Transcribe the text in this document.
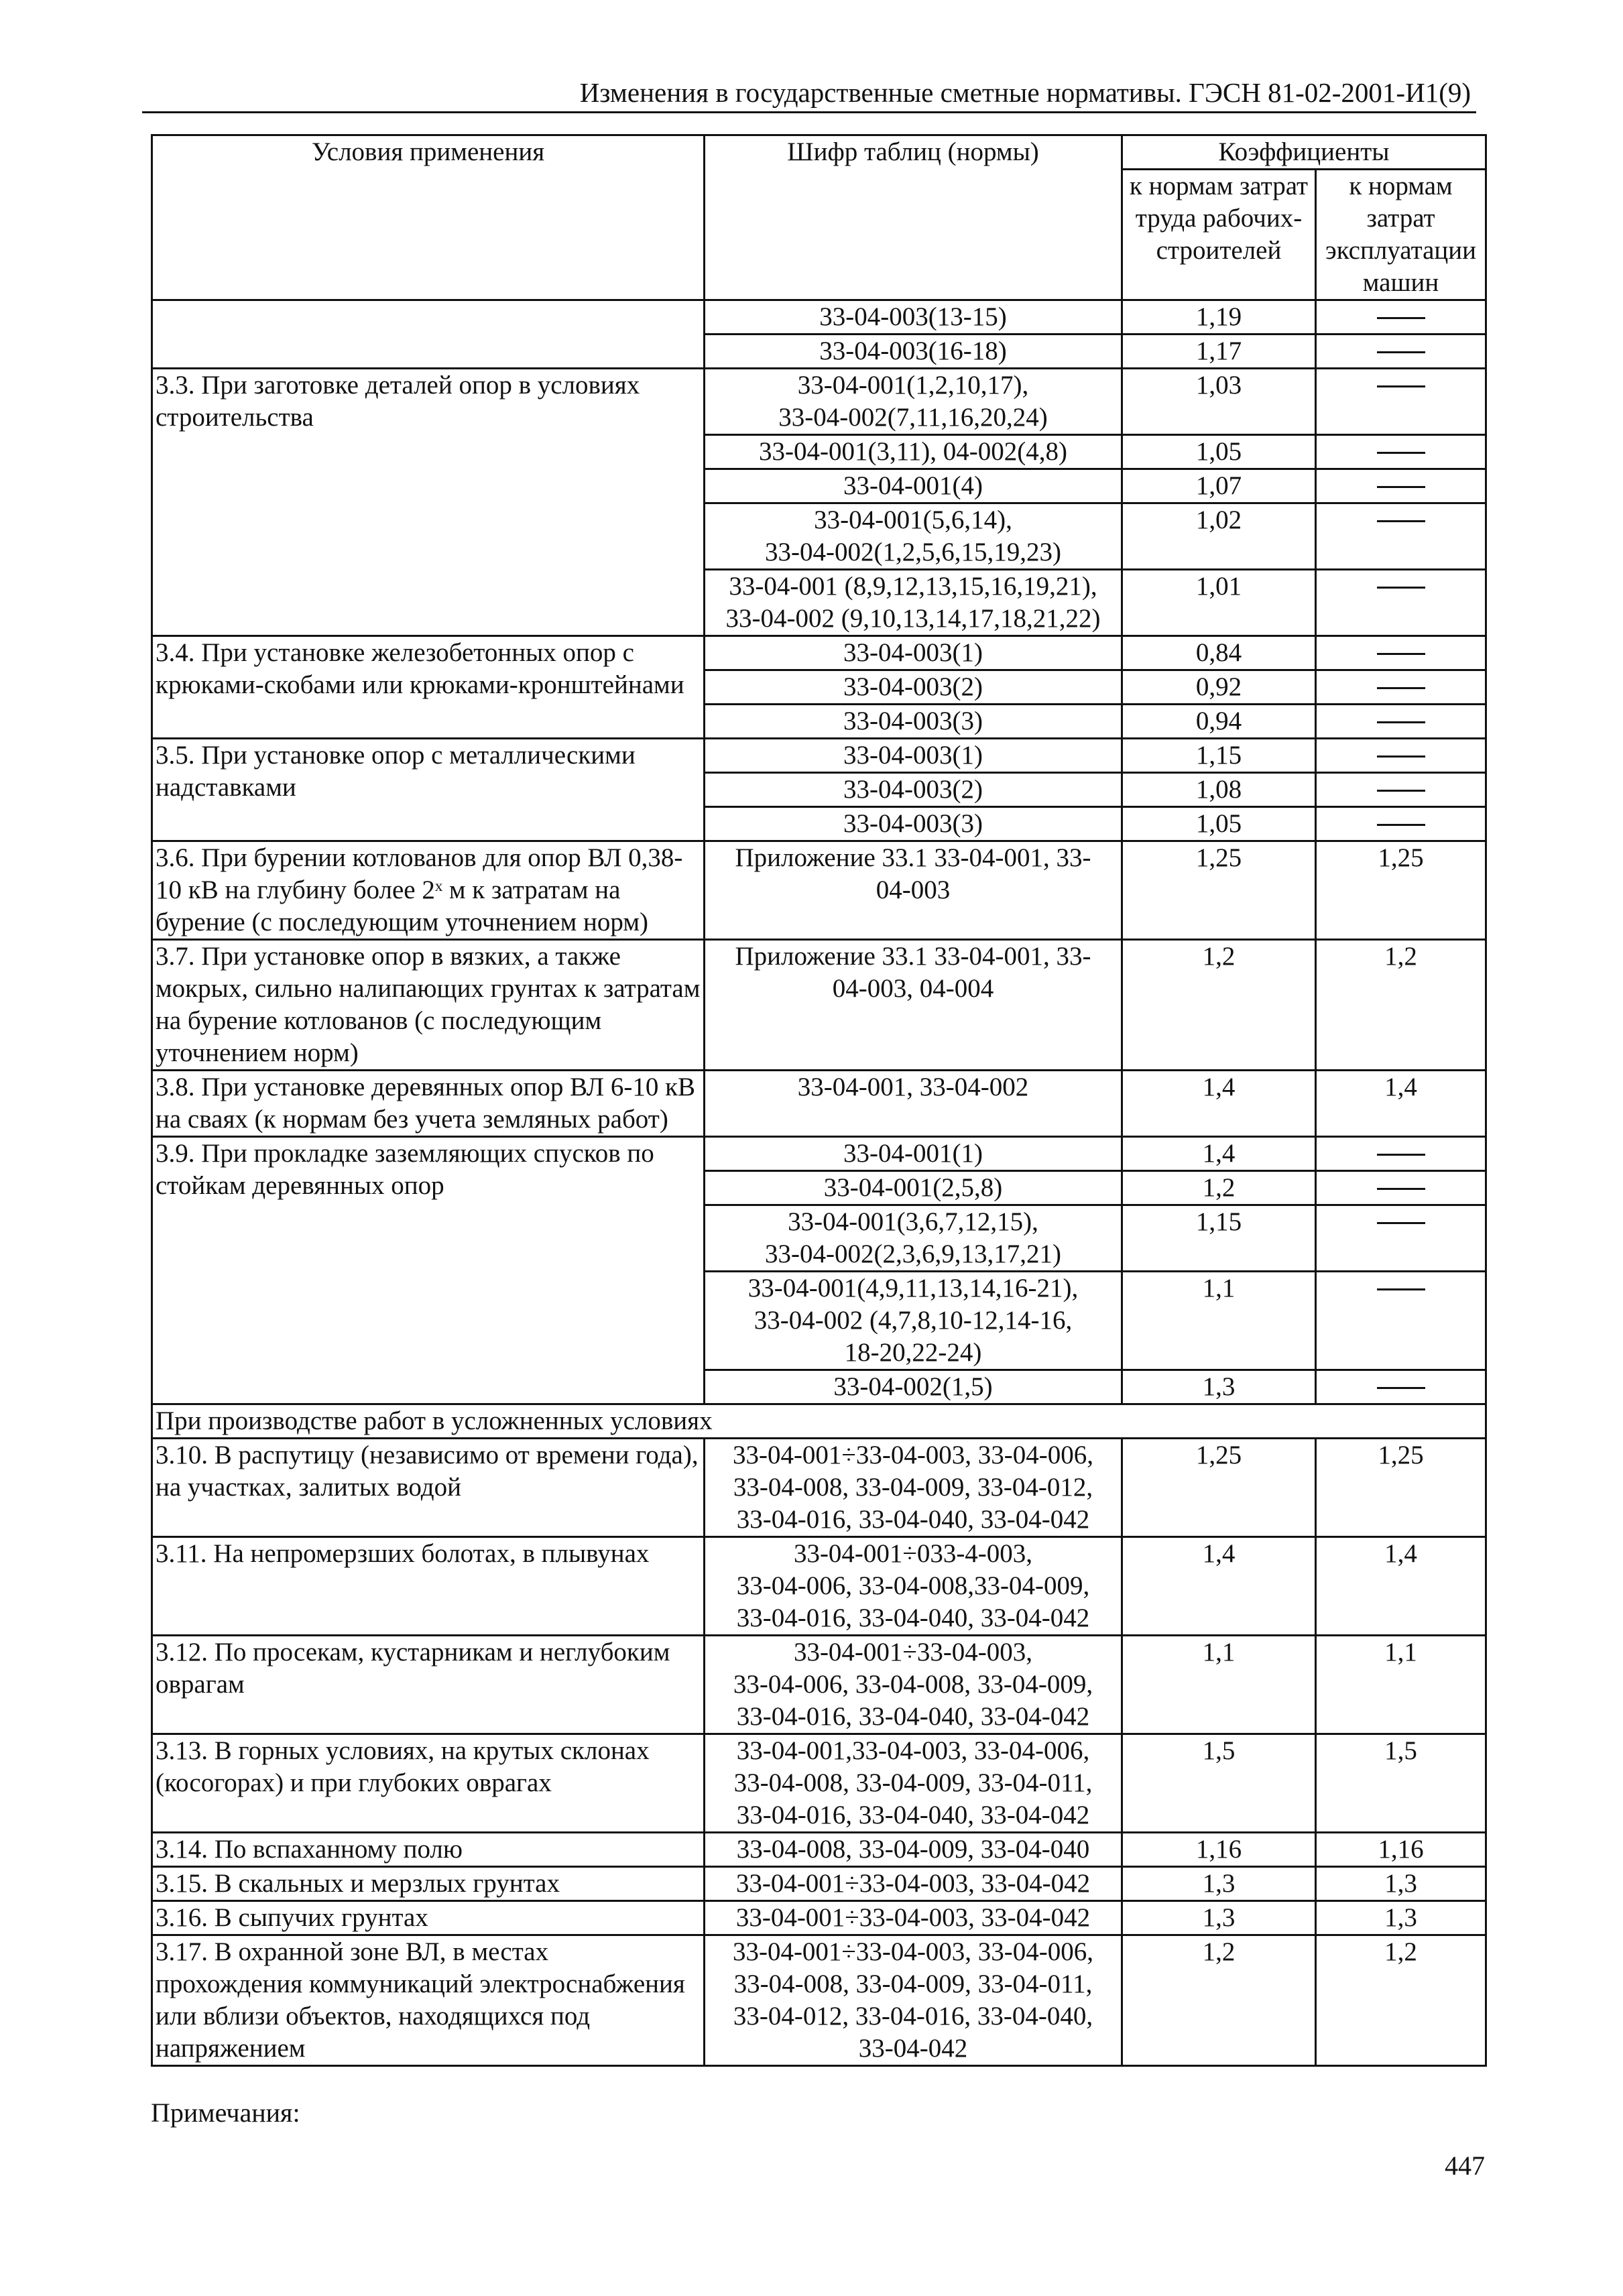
Изменения в государственные сметные нормативы. ГЭСН 81-02-2001-И1(9)
Условия применения	Шифр таблиц (нормы)	Коэффициенты	
		к нормам затрат труда рабочих-строителей	к нормам затрат эксплуатации машин
	33-04-003(13-15)	1,19	
	33-04-003(16-18)	1,17	
3.3. При заготовке деталей опор в условиях строительства	33-04-001(1,2,10,17),
33-04-002(7,11,16,20,24)	1,03	
	33-04-001(3,11), 04-002(4,8)	1,05	
	33-04-001(4)	1,07	
	33-04-001(5,6,14),
33-04-002(1,2,5,6,15,19,23)	1,02	
	33-04-001 (8,9,12,13,15,16,19,21),
33-04-002 (9,10,13,14,17,18,21,22)	1,01	
3.4. При установке железобетонных опор с крюками-скобами или крюками-кронштейнами	33-04-003(1)	0,84	
	33-04-003(2)	0,92	
	33-04-003(3)	0,94	
3.5. При установке опор с металлическими надставками	33-04-003(1)	1,15	
	33-04-003(2)	1,08	
	33-04-003(3)	1,05	
3.6. При бурении котлованов для опор ВЛ 0,38-10 кВ на глубину более 2ˣ м к затратам на бурение (с последующим уточнением норм)	Приложение 33.1 33-04-001, 33-
04-003	1,25	1,25
3.7. При установке опор в вязких, а также мокрых, сильно налипающих грунтах к затратам на бурение котлованов (с последующим уточнением норм)	Приложение 33.1 33-04-001, 33-
04-003, 04-004	1,2	1,2
3.8. При установке деревянных опор ВЛ 6-10 кВ на сваях (к нормам без учета земляных работ)	33-04-001, 33-04-002	1,4	1,4
3.9. При прокладке заземляющих спусков по стойкам деревянных опор	33-04-001(1)	1,4	
	33-04-001(2,5,8)	1,2	
	33-04-001(3,6,7,12,15),
33-04-002(2,3,6,9,13,17,21)	1,15	
	33-04-001(4,9,11,13,14,16-21),
33-04-002 (4,7,8,10-12,14-16,
18-20,22-24)	1,1	
	33-04-002(1,5)	1,3	
При производстве работ в усложненных условиях			
3.10. В распутицу (независимо от времени года), на участках, залитых водой	33-04-001÷33-04-003, 33-04-006,
33-04-008, 33-04-009, 33-04-012,
33-04-016, 33-04-040, 33-04-042	1,25	1,25
3.11. На непромерзших болотах, в плывунах	33-04-001÷033-4-003,
33-04-006, 33-04-008,33-04-009,
33-04-016, 33-04-040, 33-04-042	1,4	1,4
3.12. По просекам, кустарникам и неглубоким оврагам	33-04-001÷33-04-003,
33-04-006, 33-04-008, 33-04-009,
33-04-016, 33-04-040, 33-04-042	1,1	1,1
3.13. В горных условиях, на крутых склонах (косогорах) и при глубоких оврагах	33-04-001,33-04-003, 33-04-006,
33-04-008, 33-04-009, 33-04-011,
33-04-016, 33-04-040, 33-04-042	1,5	1,5
3.14. По вспаханному полю	33-04-008, 33-04-009, 33-04-040	1,16	1,16
3.15. В скальных и мерзлых грунтах	33-04-001÷33-04-003, 33-04-042	1,3	1,3
3.16. В сыпучих грунтах	33-04-001÷33-04-003, 33-04-042	1,3	1,3
3.17. В охранной зоне ВЛ, в местах прохождения коммуникаций электроснабжения или вблизи объектов, находящихся под напряжением	33-04-001÷33-04-003, 33-04-006,
33-04-008, 33-04-009, 33-04-011,
33-04-012, 33-04-016, 33-04-040,
33-04-042	1,2	1,2
Примечания:
447
